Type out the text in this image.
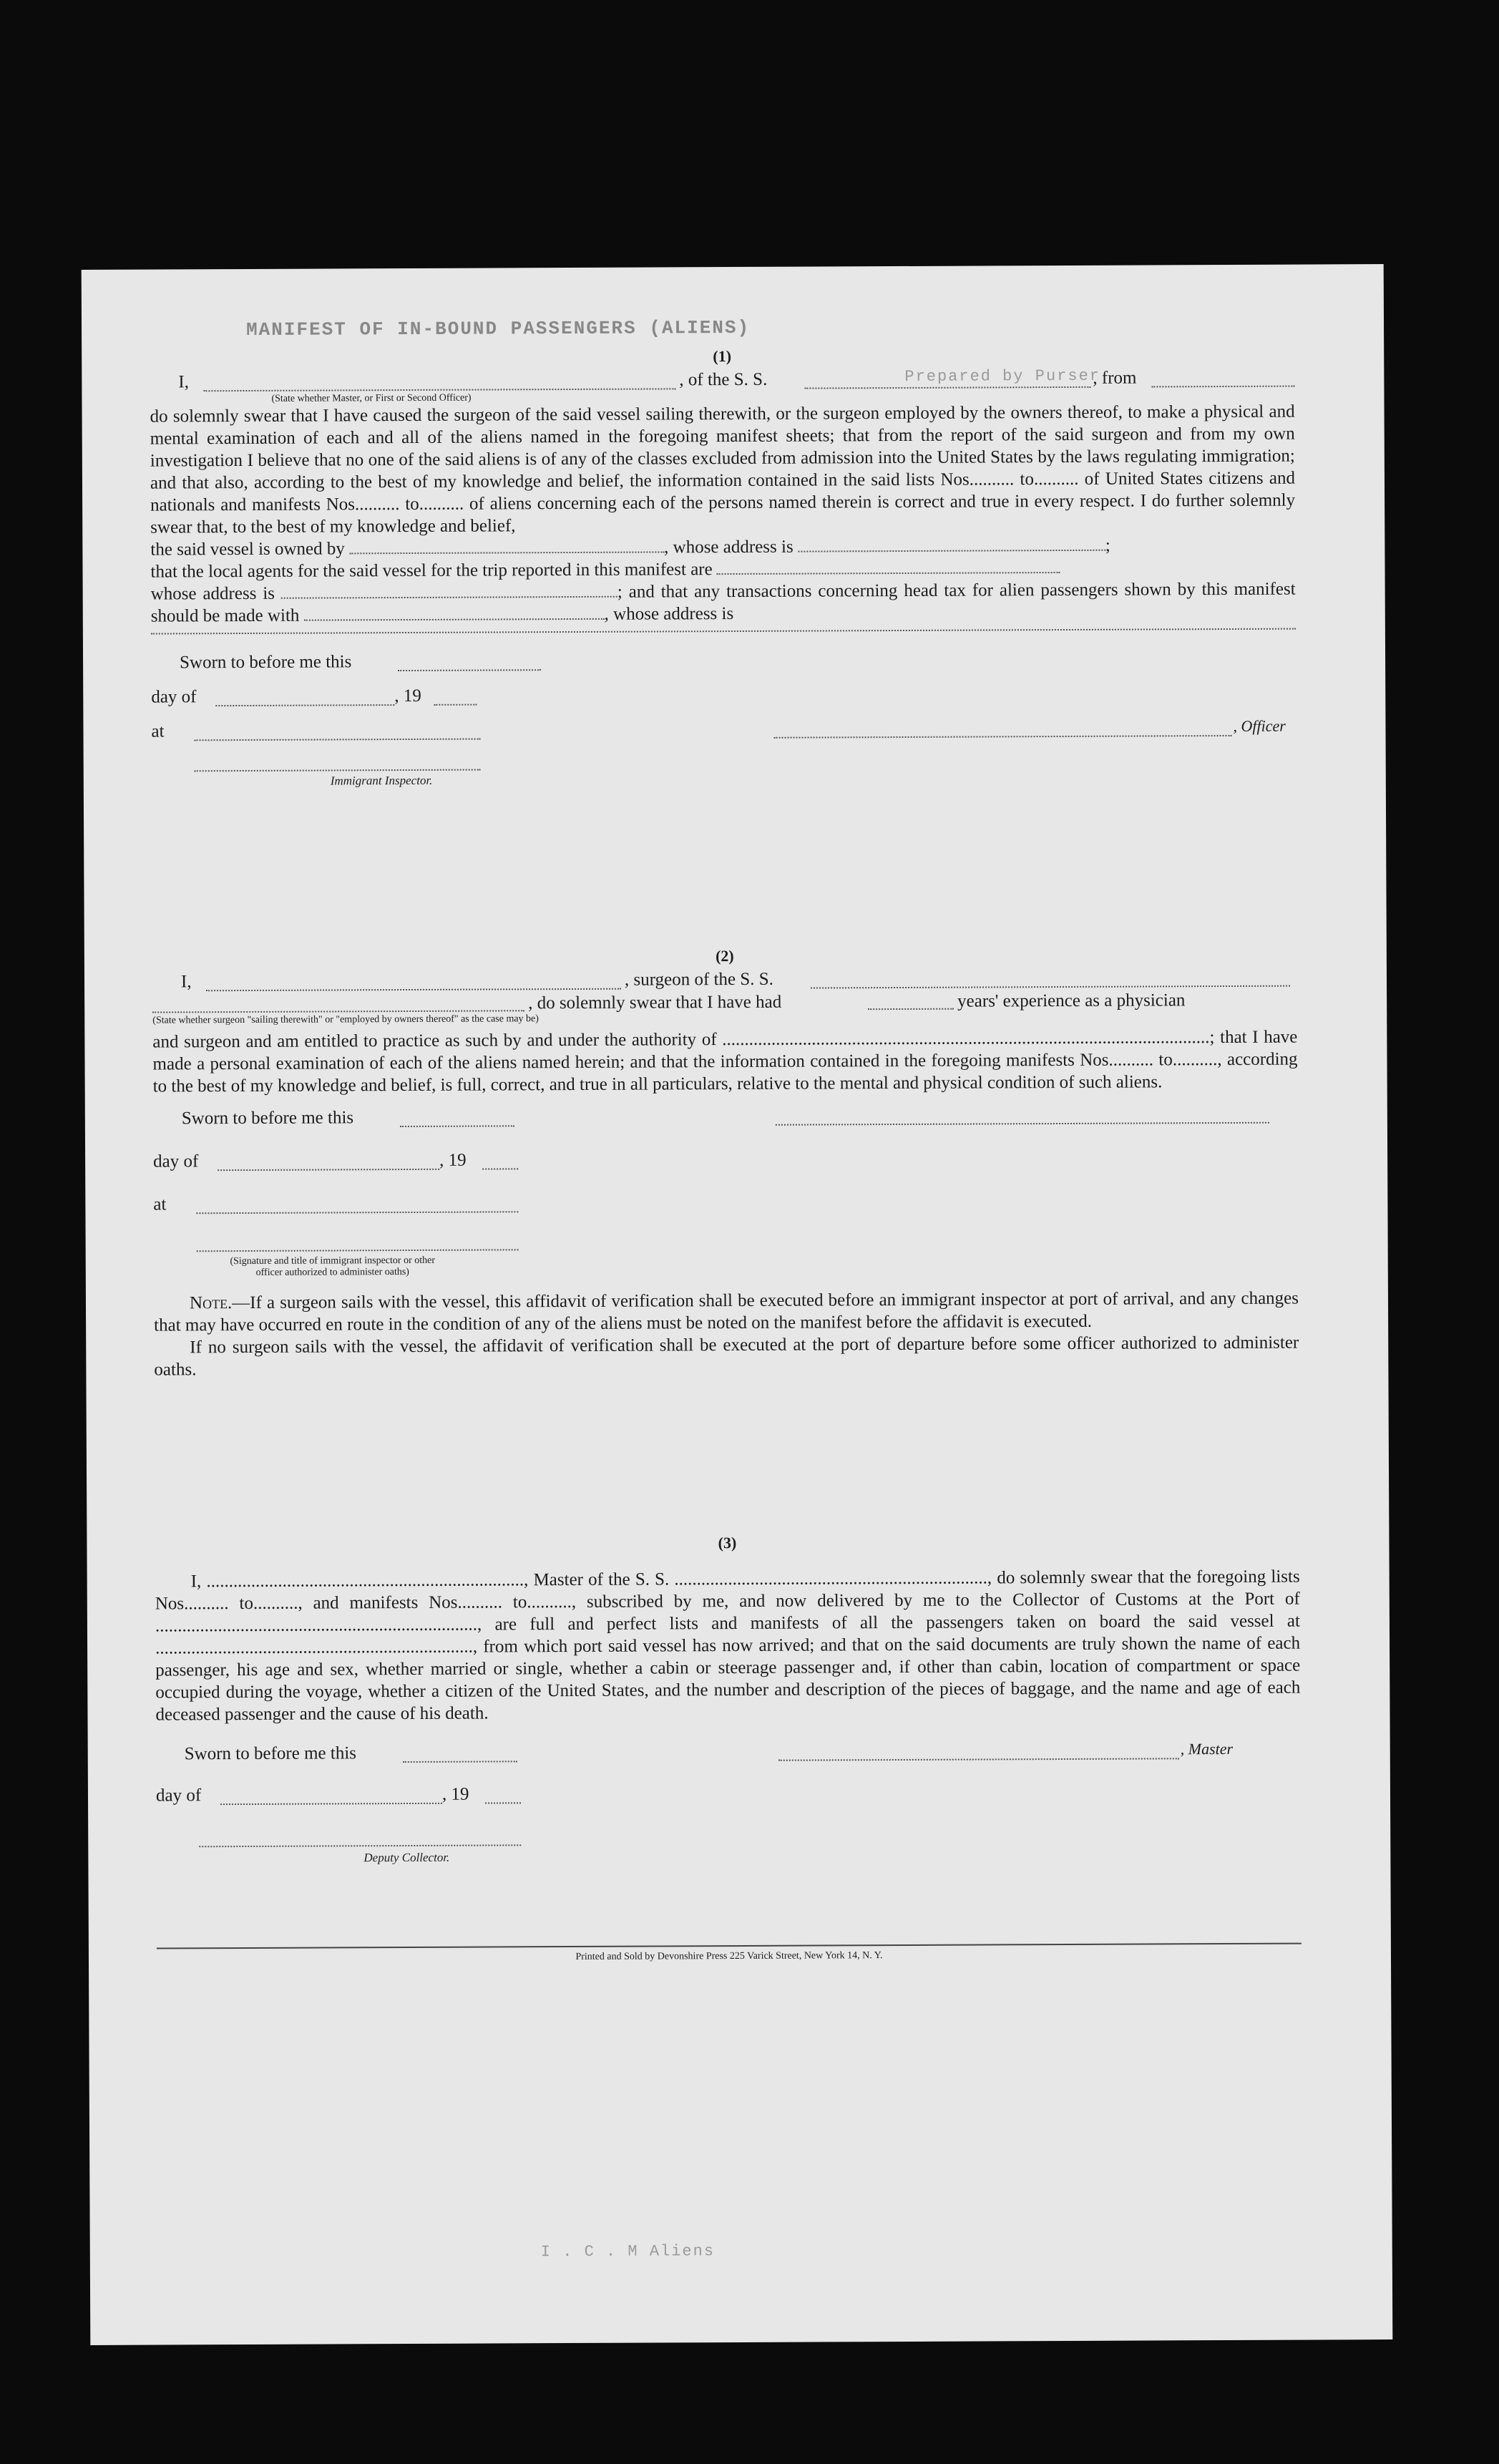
MANIFEST OF IN-BOUND PASSENGERS (ALIENS)
Prepared by Purser
I . C . M Aliens
(1)
I,	, of the S. S.	, from
(State whether Master, or First or Second Officer)

do solemnly swear that I have caused the surgeon of the said vessel sailing therewith, or the surgeon employed by the owners thereof, to make a physical and mental examination of each and all of the aliens named in the foregoing manifest sheets; that from the report of the said surgeon and from my own investigation I believe that no one of the said aliens is of any of the classes excluded from admission into the United States by the laws regulating immigration; and that also, according to the best of my knowledge and belief, the information contained in the said lists Nos.......... to.......... of United States citizens and nationals and manifests Nos.......... to.......... of aliens concerning each of the persons named therein is correct and true in every respect. I do further solemnly swear that, to the best of my knowledge and belief,

the said vessel is owned by	, whose address is	;

that the local agents for the said vessel for the trip reported in this manifest are

whose address is	; and that any transactions concerning head tax for alien passengers shown by this manifest should be made with	, whose address is

Sworn to before me this
day of	, 19
at	, Officer
Immigrant Inspector.
(2)
I,	, surgeon of the S. S.
, do solemnly swear that I have had	years' experience as a physician
(State whether surgeon "sailing therewith" or "employed by owners thereof" as the case may be)

and surgeon and am entitled to practice as such by and under the authority of .............................................................................................................; that I have made a personal examination of each of the aliens named herein; and that the information contained in the foregoing manifests Nos.......... to.........., according to the best of my knowledge and belief, is full, correct, and true in all particulars, relative to the mental and physical condition of such aliens.

Sworn to before me this
day of	, 19
at
(Signature and title of immigrant inspector or other officer authorized to administer oaths)

Note.—If a surgeon sails with the vessel, this affidavit of verification shall be executed before an immigrant inspector at port of arrival, and any changes that may have occurred en route in the condition of any of the aliens must be noted on the manifest before the affidavit is executed.

If no surgeon sails with the vessel, the affidavit of verification shall be executed at the port of departure before some officer authorized to administer oaths.

(3)

I, ......................................................................., Master of the S. S. ......................................................................, do solemnly swear that the foregoing lists Nos.......... to.........., and manifests Nos.......... to.........., subscribed by me, and now delivered by me to the Collector of Customs at the Port of ........................................................................, are full and perfect lists and manifests of all the passengers taken on board the said vessel at ......................................................................., from which port said vessel has now arrived; and that on the said documents are truly shown the name of each passenger, his age and sex, whether married or single, whether a cabin or steerage passenger and, if other than cabin, location of compartment or space occupied during the voyage, whether a citizen of the United States, and the number and description of the pieces of baggage, and the name and age of each deceased passenger and the cause of his death.

Sworn to before me this	, Master
day of	, 19
Deputy Collector.
Printed and Sold by Devonshire Press 225 Varick Street, New York 14, N. Y.
